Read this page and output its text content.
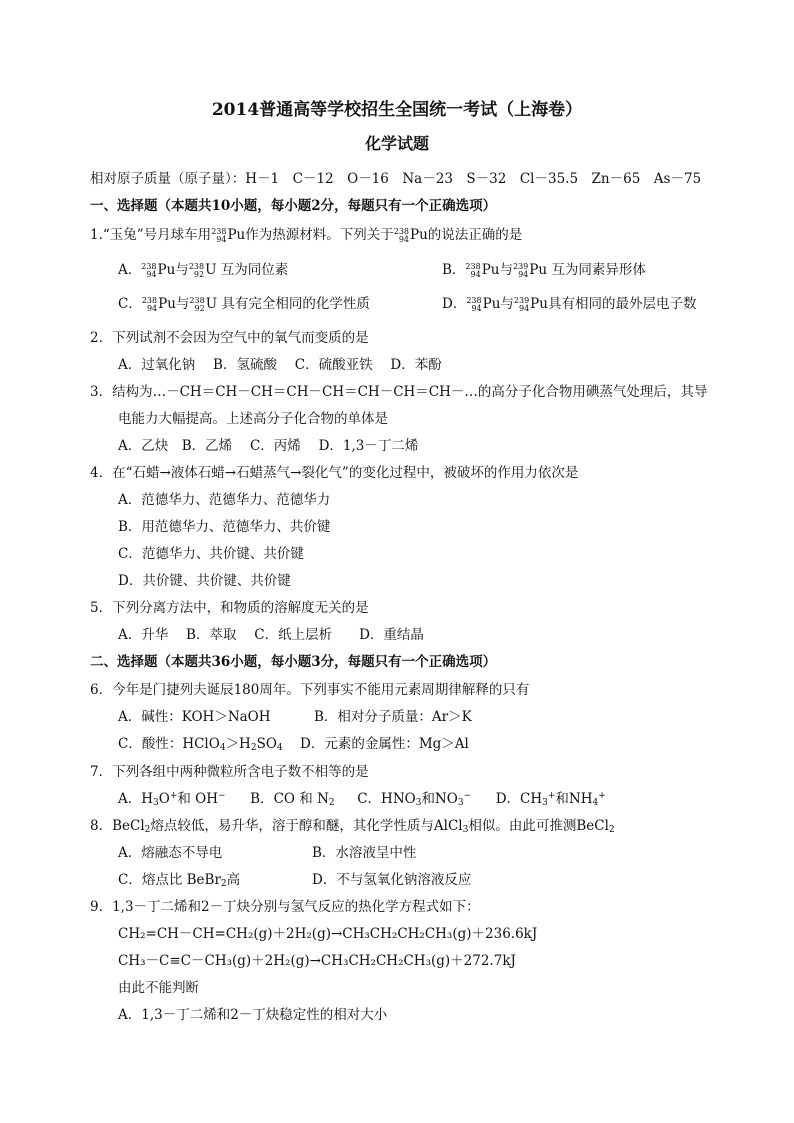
2014普通高等学校招生全国统一考试（上海卷）
化学试题
相对原子质量（原子量）：H－1　C－12　O－16　Na－23　S－32　Cl－35.5　Zn－65　As－75
一、选择题（本题共10小题，每小题2分，每题只有一个正确选项）
1.“玉兔”号月球车用 238
94 Pu作为热源材料。下列关于 238
94 Pu的说法正确的是
A． 238
94 Pu与 238
92 U 互为同位素	B． 238
94 Pu与 239
94 Pu 互为同素异形体
C． 238
94 Pu与 238
92 U 具有完全相同的化学性质	D． 238
94 Pu与 239
94 Pu具有相同的最外层电子数
2．下列试剂不会因为空气中的氧气而变质的是
A．过氧化钠　 B．氢硫酸　 C．硫酸亚铁　 D．苯酚
3．结构为…－CH＝CH－CH＝CH－CH＝CH－CH＝CH－…的高分子化合物用碘蒸气处理后，其导
电能力大幅提高。上述高分子化合物的单体是
A．乙炔　B．乙烯　 C．丙烯　 D．1,3－丁二烯
4．在“石蜡→液体石蜡→石蜡蒸气→裂化气”的变化过程中，被破坏的作用力依次是
A．范德华力、范德华力、范德华力
B．用范德华力、范德华力、共价键
C．范德华力、共价键、共价键
D．共价键、共价键、共价键
5．下列分离方法中，和物质的溶解度无关的是
A．升华　 B．萃取　 C．纸上层析　　D．重结晶
二、选择题（本题共36小题，每小题3分，每题只有一个正确选项）
6．今年是门捷列夫诞辰180周年。下列事实不能用元素周期律解释的只有
A．碱性：KOH＞NaOH	B．相对分子质量：Ar＞K
C．酸性：$HClO_4>H_2SO_4$ D．元素的金属性：Mg＞Al
7．下列各组中两种微粒所含电子数不相等的是
A．$H_3O^+$和 OH− B．CO 和 $N_2$ C．$HNO_3$和$NO_3^-$ D．$CH_3^+$和$NH_4^+$
8．BeCl$_2$熔点较低，易升华，溶于醇和醚，其化学性质与AlCl$_3$相似。由此可推测BeCl$_2$
A．熔融态不导电	B．水溶液呈中性
C．熔点比 BeBr$_2$高	D．不与氢氧化钠溶液反应
9．1,3－丁二烯和2－丁炔分别与氢气反应的热化学方程式如下：
CH₂=CH－CH=CH₂(g)＋2H₂(g)→CH₃CH₂CH₂CH₃(g)＋236.6kJ
CH₃－C≡C－CH₃(g)＋2H₂(g)→CH₃CH₂CH₂CH₃(g)＋272.7kJ
由此不能判断
A．1,3－丁二烯和2－丁炔稳定性的相对大小
